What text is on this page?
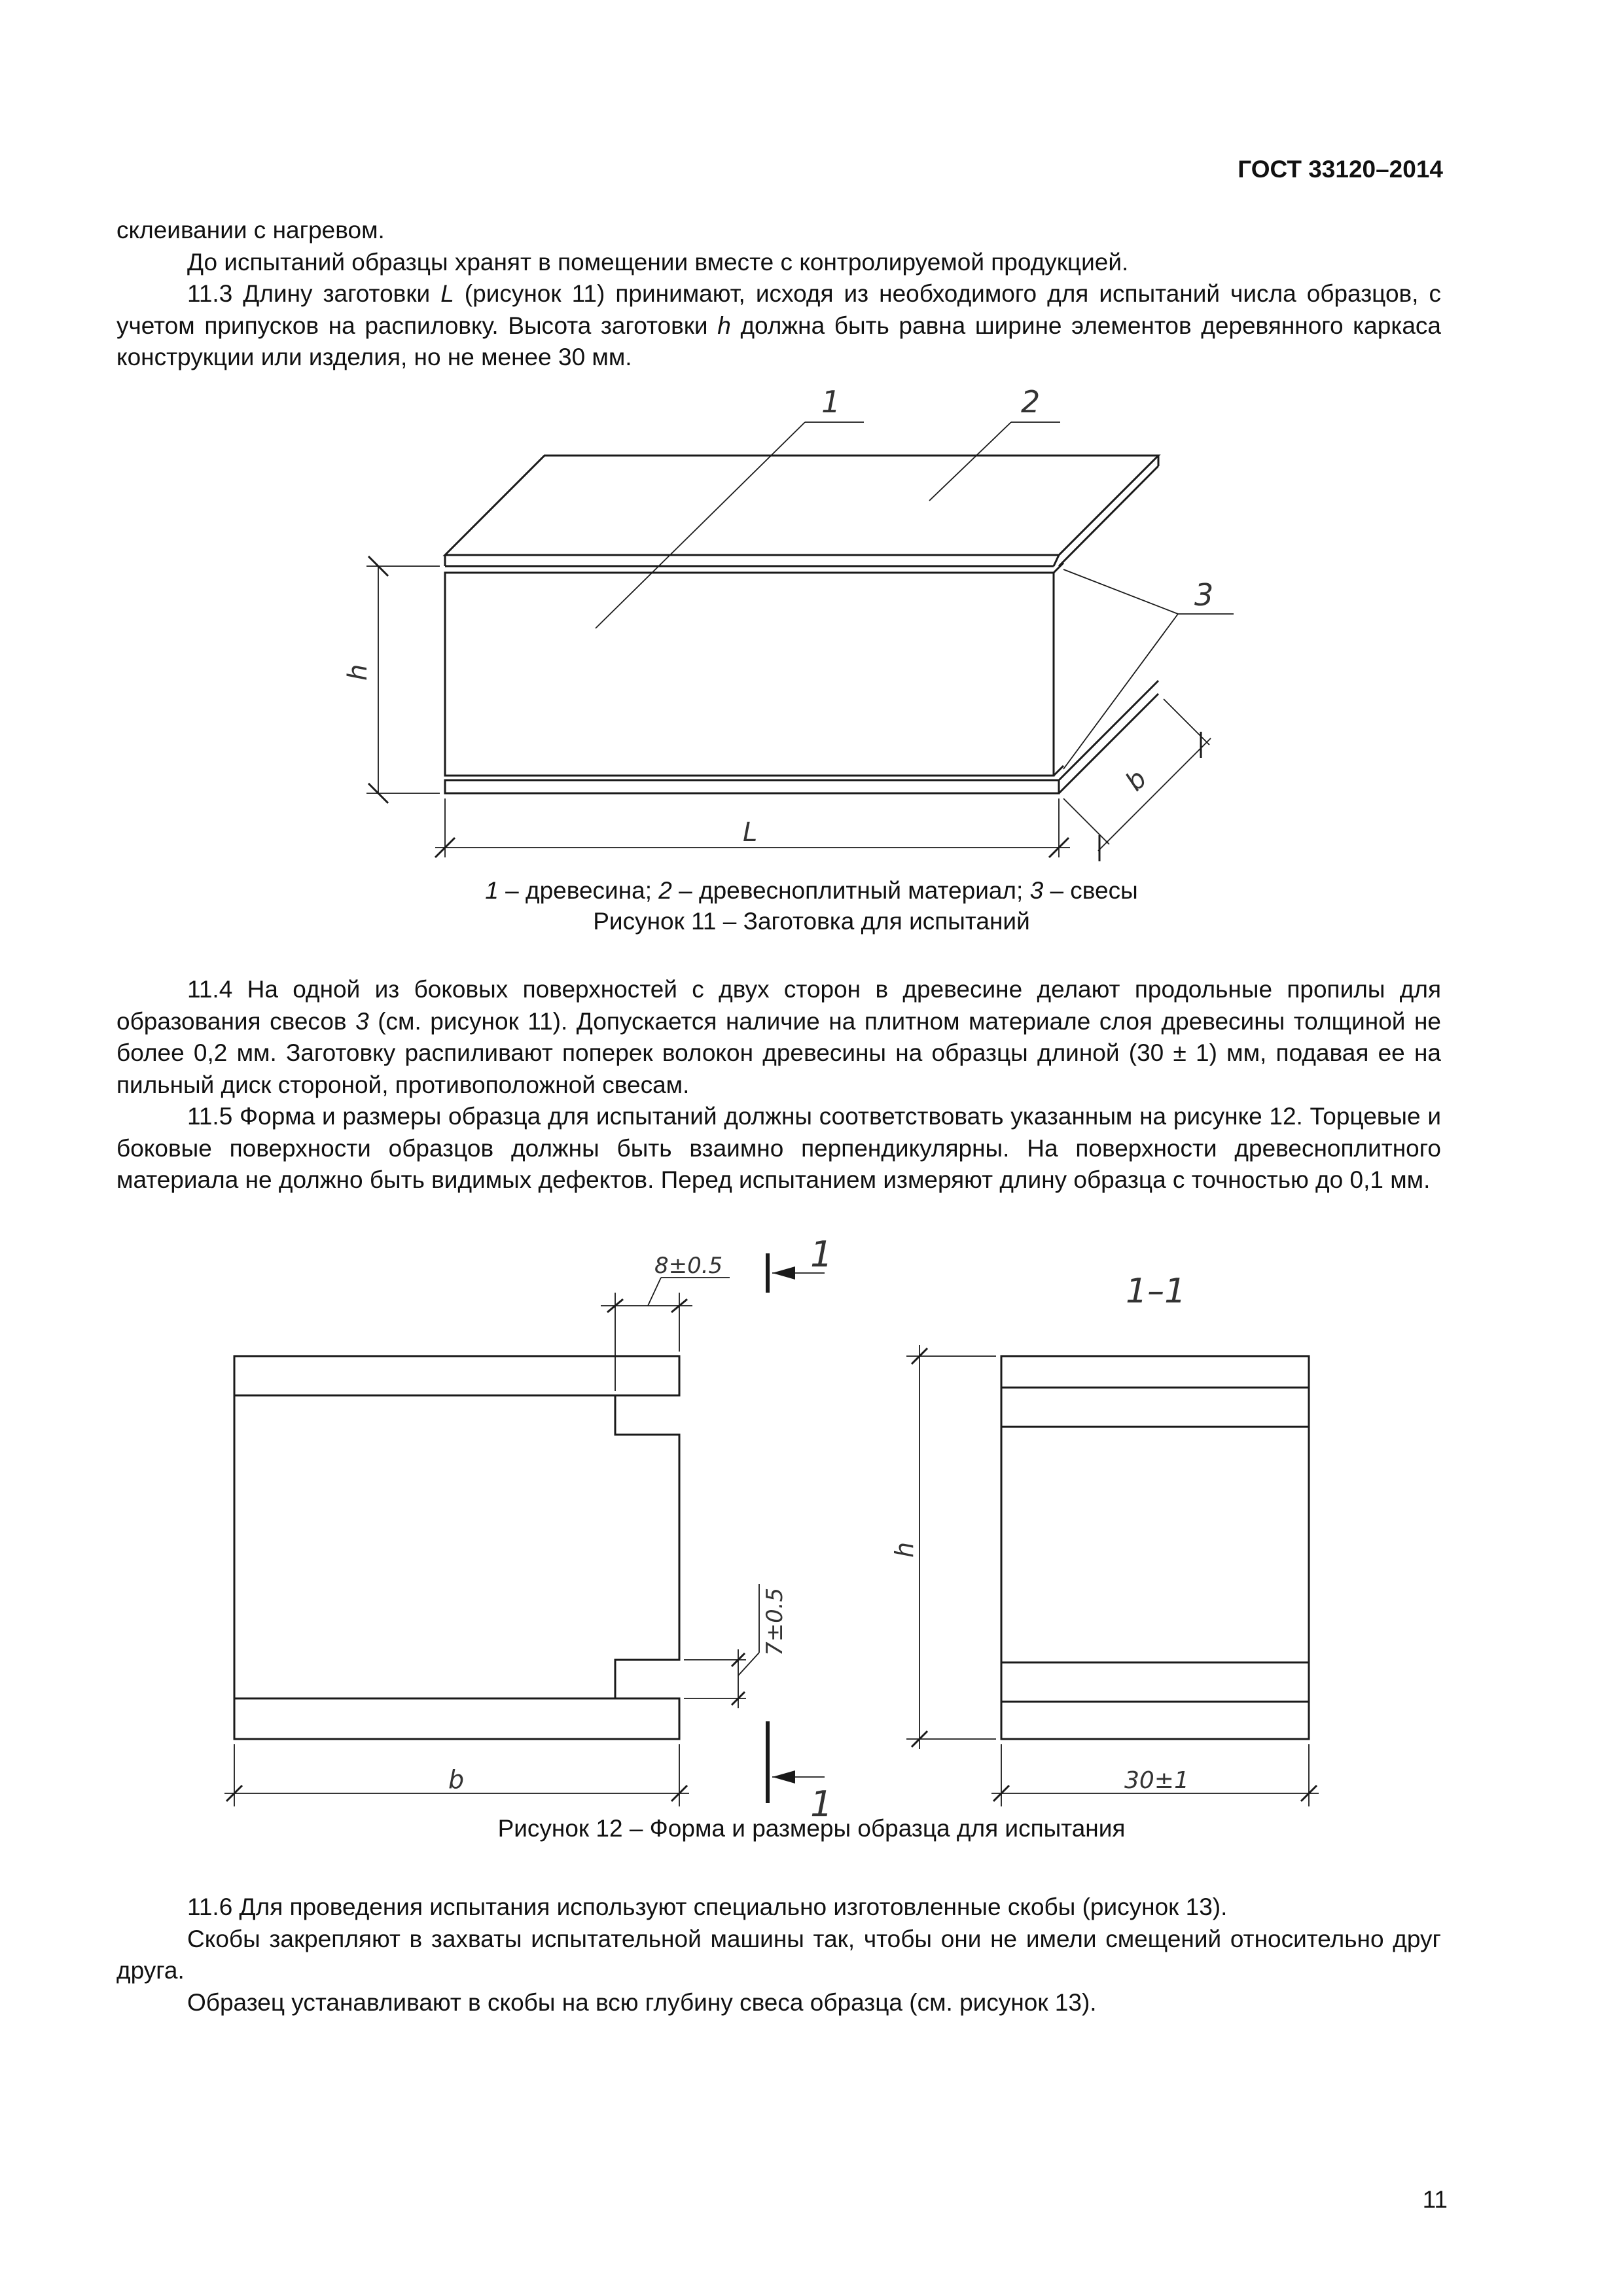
ГОСТ 33120–2014

склеивании с нагревом.

До испытаний образцы хранят в помещении вместе с контролируемой продукцией.

11.3 Длину заготовки L (рисунок 11) принимают, исходя из необходимого для испытаний числа образцов, с учетом припусков на распиловку. Высота заготовки h должна быть равна ширине элементов деревянного каркаса конструкции или изделия, но не менее 30 мм.

1	2
3
h
L
b
1 – древесина; 2 – древесноплитный материал; 3 – свесы
Рисунок 11 – Заготовка для испытаний

11.4 На одной из боковых поверхностей с двух сторон в древесине делают продольные пропилы для образования свесов 3 (см. рисунок 11). Допускается наличие на плитном материале слоя древесины толщиной не более 0,2 мм. Заготовку распиливают поперек волокон древесины на образцы длиной (30 ± 1) мм, подавая ее на пильный диск стороной, противоположной свесам.

11.5 Форма и размеры образца для испытаний должны соответствовать указанным на рисунке 12. Торцевые и боковые поверхности образцов должны быть взаимно перпендикулярны. На поверхности древесноплитного материала не должно быть видимых дефектов. Перед испытанием измеряют длину образца с точностью до 0,1 мм.

8±0.5
7±0.5
b
1
1
1–1
h
30±1
Рисунок 12 – Форма и размеры образца для испытания

11.6 Для проведения испытания используют специально изготовленные скобы (рисунок 13).

Скобы закрепляют в захваты испытательной машины так, чтобы они не имели смещений относительно друг друга.

Образец устанавливают в скобы на всю глубину свеса образца (см. рисунок 13).

11
